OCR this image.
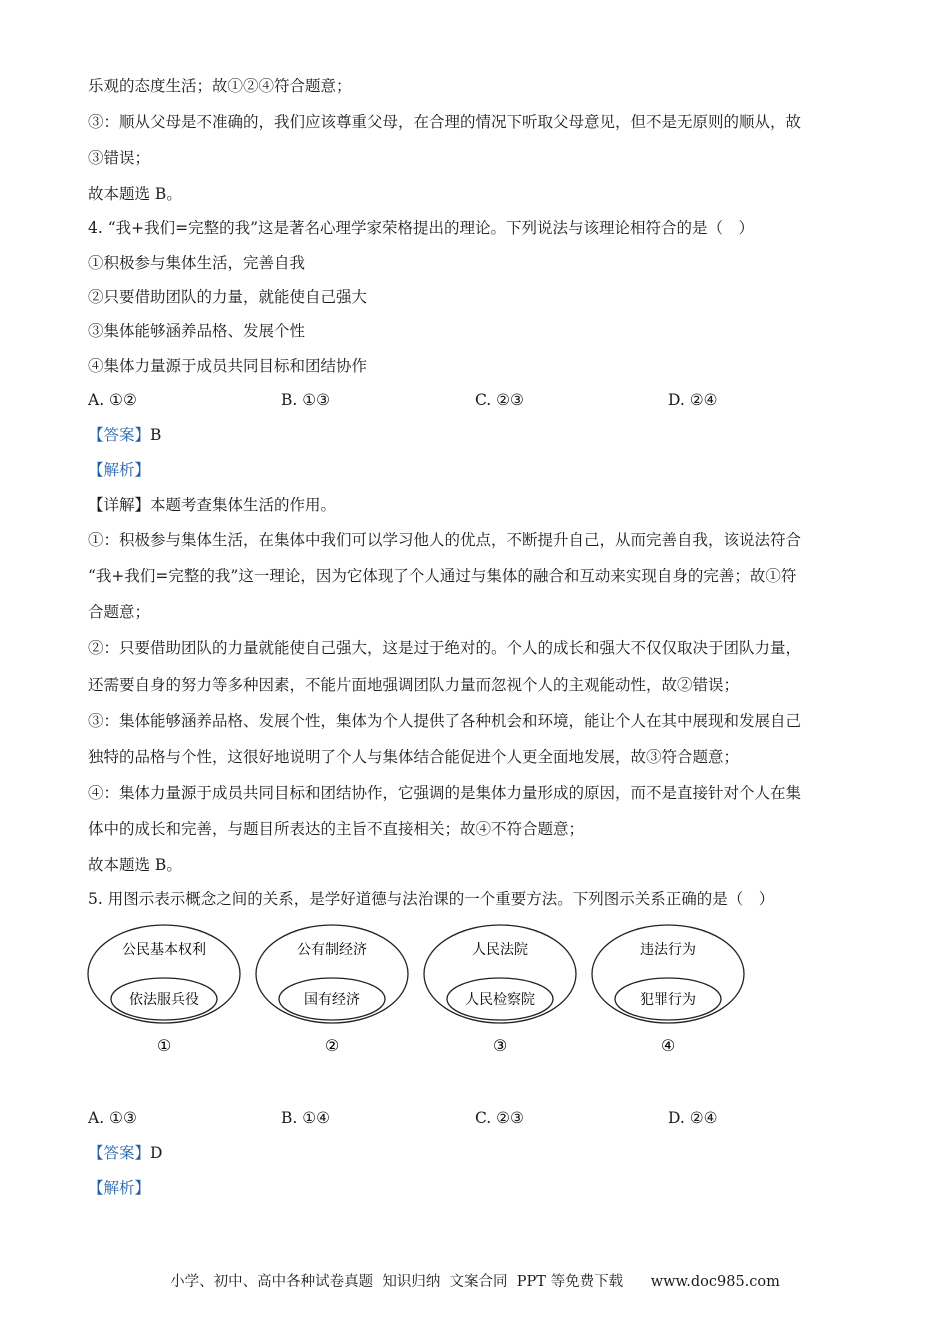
乐观的态度生活；故①②④符合题意；
③：顺从父母是不准确的，我们应该尊重父母，在合理的情况下听取父母意见，但不是无原则的顺从，故
③错误；
故本题选 B。
4. “我+我们=完整的我”这是著名心理学家荣格提出的理论。下列说法与该理论相符合的是（　）
①积极参与集体生活，完善自我
②只要借助团队的力量，就能使自己强大
③集体能够涵养品格、发展个性
④集体力量源于成员共同目标和团结协作
A. ①②	B. ①③	C. ②③	D. ②④
【答案】B
【解析】
【详解】本题考查集体生活的作用。
①：积极参与集体生活，在集体中我们可以学习他人的优点，不断提升自己，从而完善自我，该说法符合
“我+我们=完整的我”这一理论，因为它体现了个人通过与集体的融合和互动来实现自身的完善；故①符
合题意；
②：只要借助团队的力量就能使自己强大，这是过于绝对的。个人的成长和强大不仅仅取决于团队力量，
还需要自身的努力等多种因素，不能片面地强调团队力量而忽视个人的主观能动性，故②错误；
③：集体能够涵养品格、发展个性，集体为个人提供了各种机会和环境，能让个人在其中展现和发展自己
独特的品格与个性，这很好地说明了个人与集体结合能促进个人更全面地发展，故③符合题意；
④：集体力量源于成员共同目标和团结协作，它强调的是集体力量形成的原因，而不是直接针对个人在集
体中的成长和完善，与题目所表达的主旨不直接相关；故④不符合题意；
故本题选 B。
5. 用图示表示概念之间的关系，是学好道德与法治课的一个重要方法。下列图示关系正确的是（　）
公民基本权利
依法服兵役
①
公有制经济
国有经济
②
人民法院
人民检察院
③
违法行为
犯罪行为
④
A. ①③	B. ①④	C. ②③	D. ②④
【答案】D
【解析】
小学、初中、高中各种试卷真题  知识归纳  文案合同  PPT 等免费下载 www.doc985.com
